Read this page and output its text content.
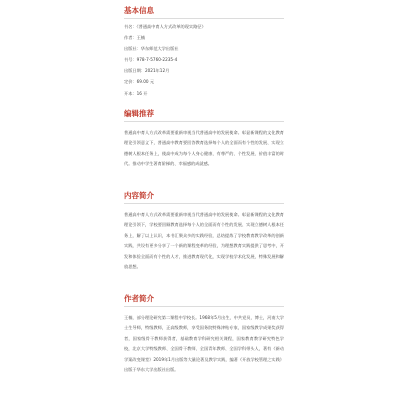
基本信息
书名：《普通高中育人方式改革的现实路径》
作者：王楠
出版社：华东师范大学出版社
书号：978-7-5760-2235-4
出版日期：2021年12月
定价：69.00 元
开本：16 开
编辑推荐

普通高中育人方式改革需要重新审视当代普通高中的发展使命。彰显新课程的文化教育理论引领意义下，普通高中教育要回答教育选择每个人的全面而有个性的发展、实现立德树人根本任务上，使高中成为每个人身心健康、有尊严的、个性发展、价值丰富的时代。推动中学生著育阶梯的、幸福感的成就感。

内容简介

普通高中育人方式改革需要重新审视当代普通高中的发展使命。彰显新课程的文化教育理论引领下，学校要回顾教育选择每个人的全面而有个性的发展、实现立德树人根本任务上，解了以上认识，本书汇聚众多的实践经验，总结提炼了学校教育教学改革的创新实践，共设有更多分享了一个新的课程变革的经验，为理想教育实践提供了思考中，开发和体验全面而有个性的人才，推进教育现代化，实现学校学术化发展，特殊发展和解放思想。

作者简介

王楠，部分理论研究第二课程中学校长。1968年5月出生，中共党员，博士，河南大学士生导师，特级教师，正高级教师，享受国务院特殊津贴专家，国家级教学成果奖获得者，国家级骨干教师获得者，基础教育学科研究相关课程，国家教育教学研究特色学校，北京大学特级教师、全国骨干教师、全国青年教师、全国学科带头人，著有《新动学案改变课堂》2019年1月出版等大量论著及教学实践，编著《开放学校管理之实践》出版于华东大学出版社出版。
